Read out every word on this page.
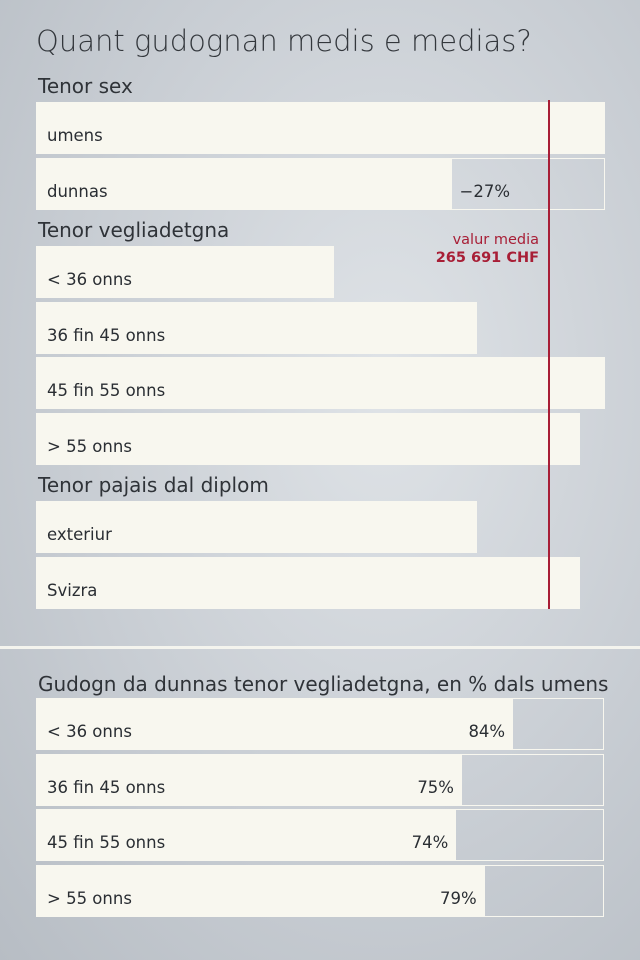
Quant gudognan medis e medias?
Tenor sex
umens
dunnas	−27%
Tenor vegliadetgna
< 36 onns
36 fin 45 onns
45 fin 55 onns
> 55 onns
Tenor pajais dal diplom
exteriur
Svizra
valur media
265 691 CHF
Gudogn da dunnas tenor vegliadetgna, en % dals umens
< 36 onns	84%
36 fin 45 onns	75%
45 fin 55 onns	74%
> 55 onns	79%
